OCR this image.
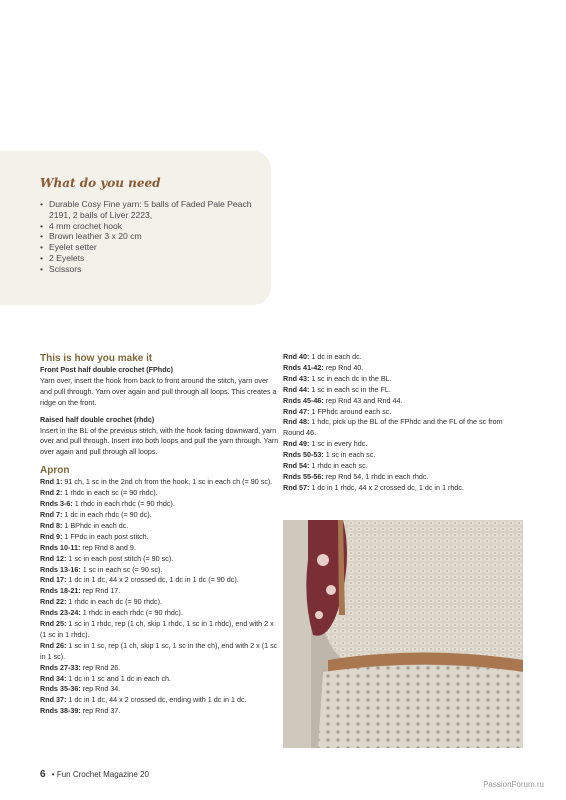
What do you need
• Durable Cosy Fine yarn: 5 balls of Faded Pale Peach 2191, 2 balls of Liver 2223,
• 4 mm crochet hook
• Brown leather 3 x 20 cm
• Eyelet setter
• 2 Eyelets
• Scissors
This is how you make it
Front Post half double crochet (FPhdc)

Yarn over, insert the hook from back to front around the stitch, yarn over and pull through. Yarn over again and pull through all loops. This creates a ridge on the front.

Raised half double crochet (rhdc)

Insert in the BL of the previous stitch, with the hook facing downward, yarn over and pull through. Insert into both loops and pull the yarn through. Yarn over again and pull through all loops.

Apron

Rnd 1: 91 ch, 1 sc in the 2nd ch from the hook, 1 sc in each ch (= 90 sc).

Rnd 2: 1 rhdc in each sc (= 90 rhdc).

Rnds 3-6: 1 rhdc in each rhdc (= 90 rhdc).

Rnd 7: 1 dc in each rhdc (= 90 dc).

Rnd 8: 1 BPhdc in each dc.

Rnd 9: 1 FPdc in each post stitch.

Rnds 10-11: rep Rnd 8 and 9.

Rnd 12: 1 sc in each post stitch (= 90 sc).

Rnds 13-16: 1 sc in each sc (= 90 sc).

Rnd 17: 1 dc in 1 dc, 44 x 2 crossed dc, 1 dc in 1 dc (= 90 dc).

Rnds 18-21: rep Rnd 17.

Rnd 22: 1 rhdc in each dc (= 90 rhdc).

Rnds 23-24: 1 rhdc in each rhdc (= 90 rhdc).

Rnd 25: 1 sc in 1 rhdc, rep (1 ch, skip 1 rhdc, 1 sc in 1 rhdc), end with 2 x (1 sc in 1 rhdc).

Rnd 26: 1 sc in 1 sc, rep (1 ch, skip 1 sc, 1 sc in the ch), end with 2 x (1 sc in 1 sc).

Rnds 27-33: rep Rnd 26.

Rnd 34: 1 dc in 1 sc and 1 dc in each ch.

Rnds 35-36: rep Rnd 34.

Rnd 37: 1 dc in 1 dc, 44 x 2 crossed dc, ending with 1 dc in 1 dc.

Rnds 38-39: rep Rnd 37.

Rnd 40: 1 dc in each dc.

Rnds 41-42: rep Rnd 40.

Rnd 43: 1 sc in each dc in the BL.

Rnd 44: 1 sc in each sc in the FL.

Rnds 45-46: rep Rnd 43 and Rnd 44.

Rnd 47: 1 FPhdc around each sc.

Rnd 48: 1 hdc, pick up the BL of the FPhdc and the FL of the sc from Round 46.

Rnd 49: 1 sc in every hdc.

Rnds 50-53: 1 sc in each sc.

Rnd 54: 1 rhdc in each sc.

Rnds 55-56: rep Rnd 54, 1 rhdc in each rhdc.

Rnd 57: 1 dc in 1 rhdc, 44 x 2 crossed dc, 1 dc in 1 rhdc.

6 • Fun Crochet Magazine 20
PassionForum.ru
